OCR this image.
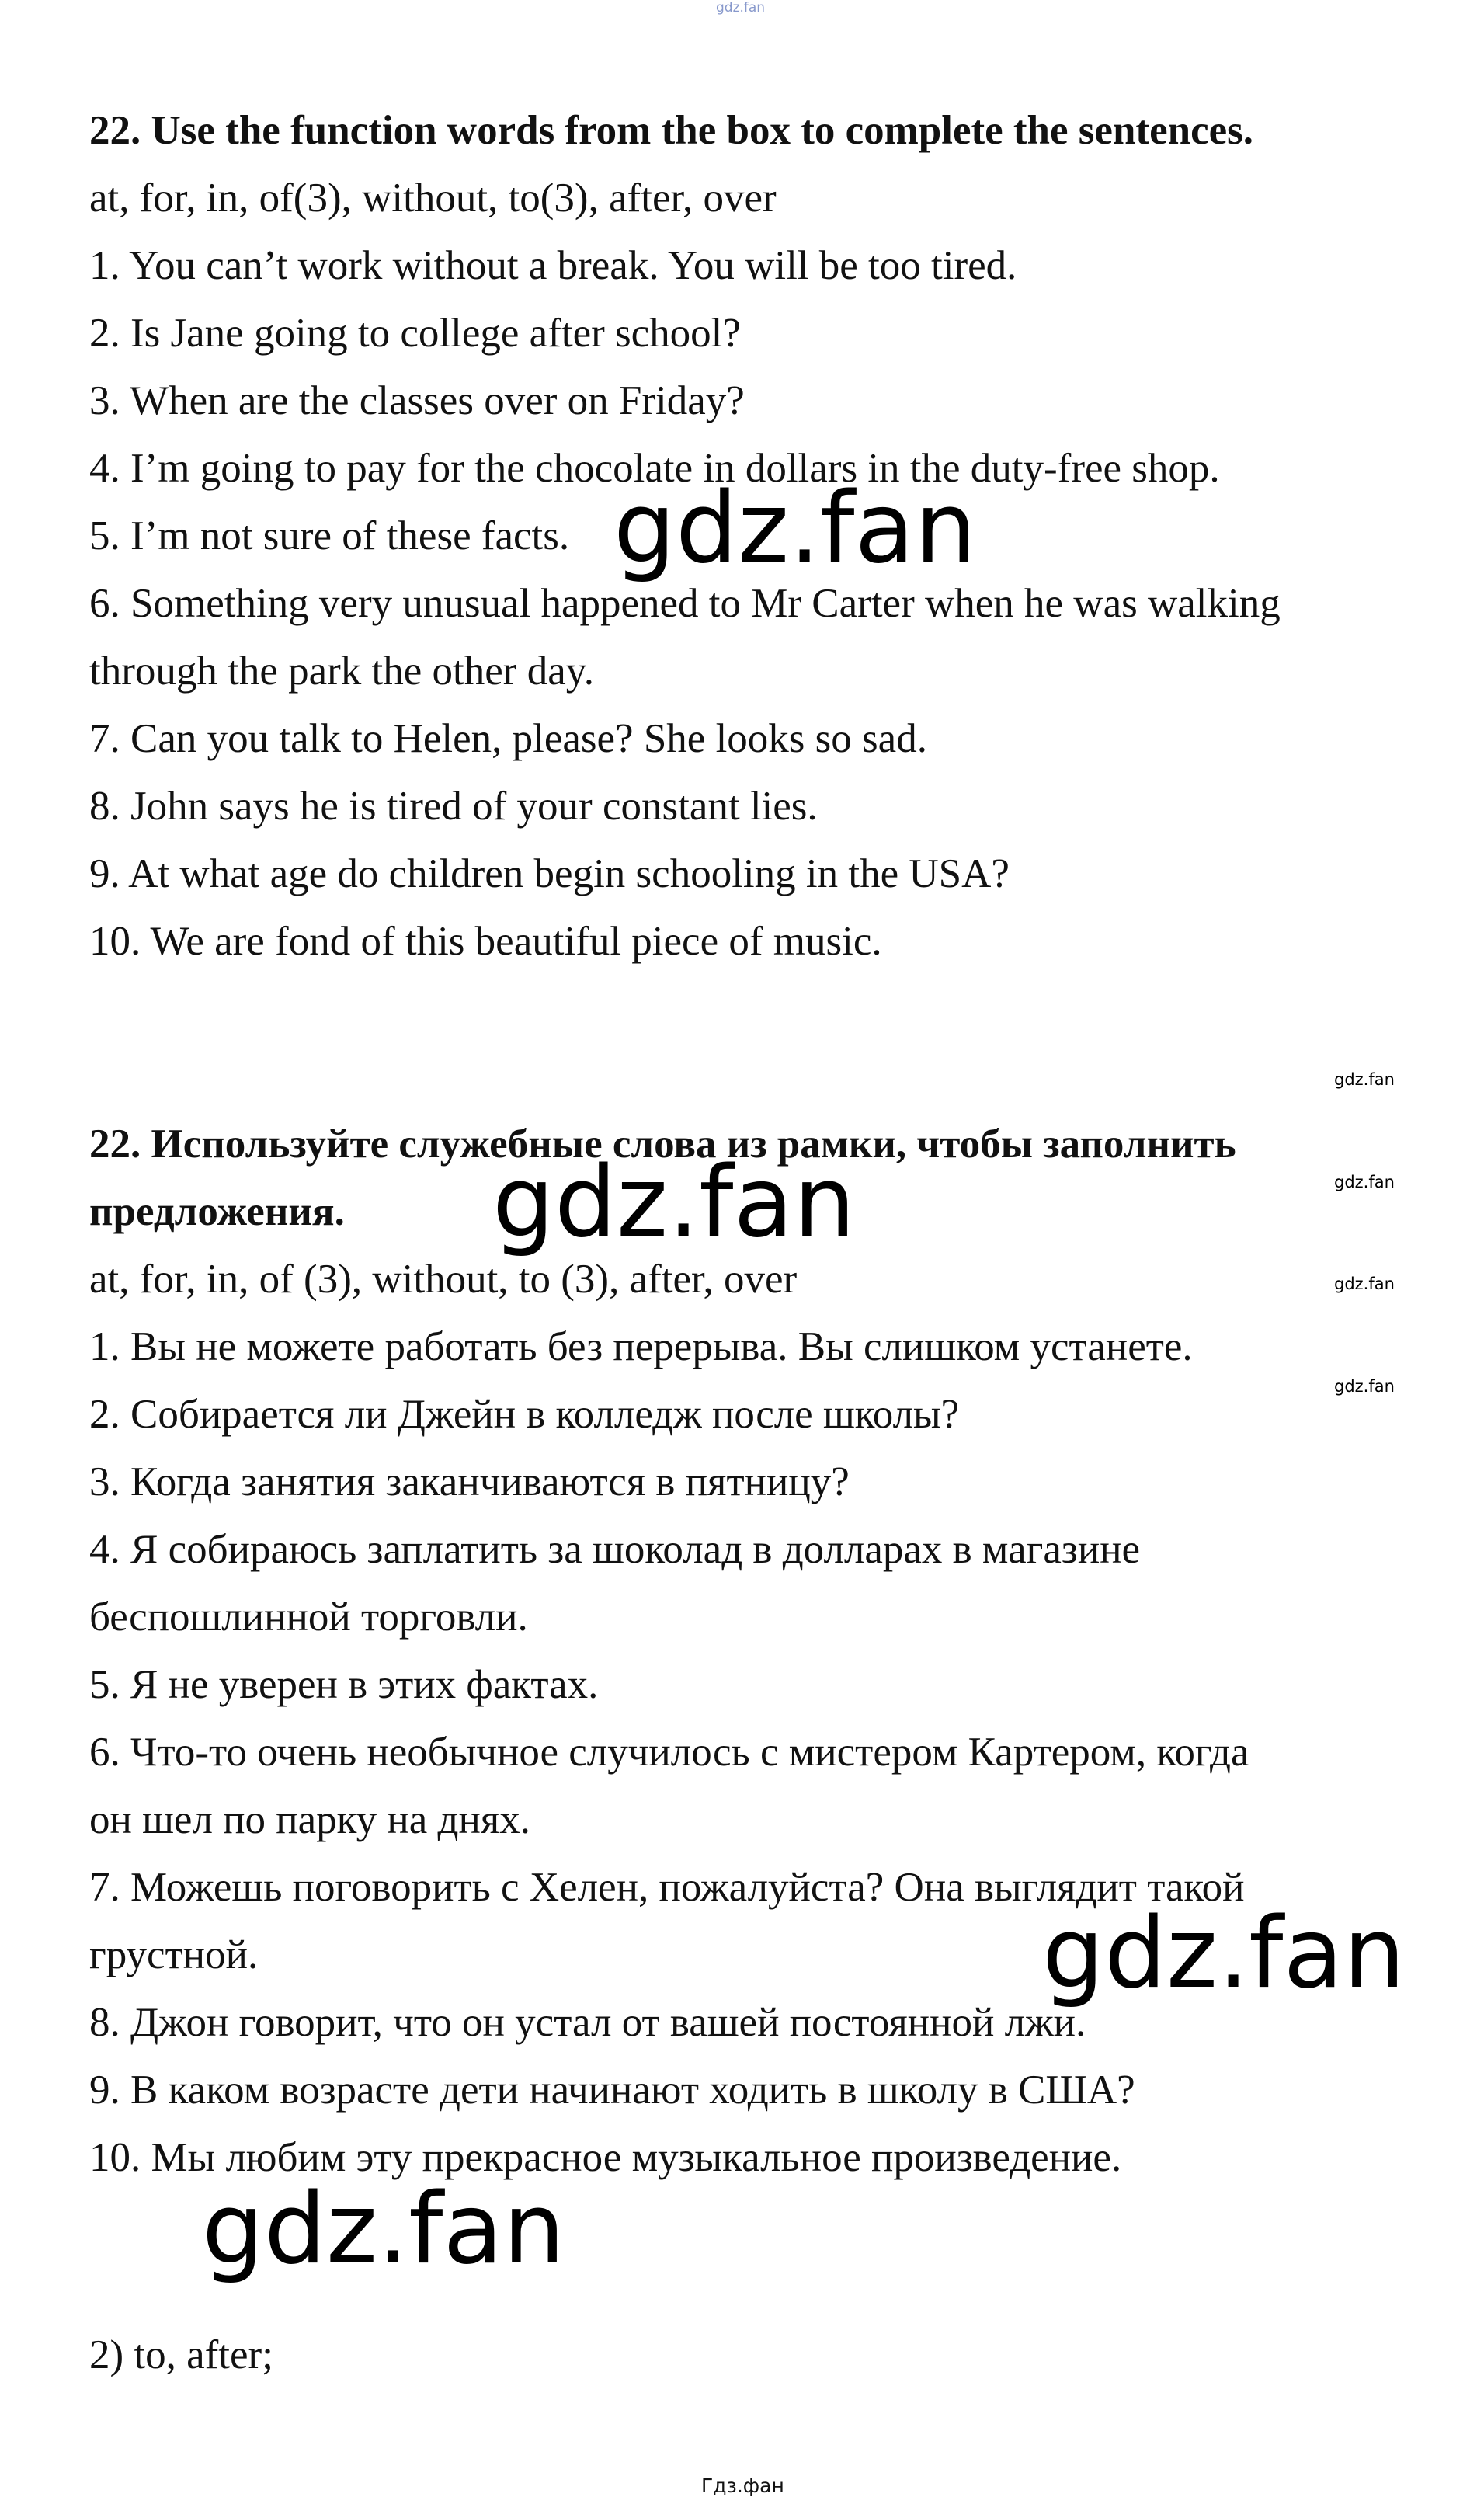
gdz.fan
22. Use the function words from the box to complete the sentences.
at, for, in, of(3), without, to(3), after, over
1. You can’t work without a break. You will be too tired.
2. Is Jane going to college after school?
3. When are the classes over on Friday?
4. I’m going to pay for the chocolate in dollars in the duty-free shop.
5. I’m not sure of these facts.
6. Something very unusual happened to Mr Carter when he was walking
through the park the other day.
7. Can you talk to Helen, please? She looks so sad.
8. John says he is tired of your constant lies.
9. At what age do children begin schooling in the USA?
10. We are fond of this beautiful piece of music.
22. Используйте служебные слова из рамки, чтобы заполнить
предложения.
at, for, in, of (3), without, to (3), after, over
1. Вы не можете работать без перерыва. Вы слишком устанете.
2. Собирается ли Джейн в колледж после школы?
3. Когда занятия заканчиваются в пятницу?
4. Я собираюсь заплатить за шоколад в долларах в магазине
беспошлинной торговли.
5. Я не уверен в этих фактах.
6. Что-то очень необычное случилось с мистером Картером, когда
он шел по парку на днях.
7. Можешь поговорить с Хелен, пожалуйста? Она выглядит такой
грустной.
8. Джон говорит, что он устал от вашей постоянной лжи.
9. В каком возрасте дети начинают ходить в школу в США?
10. Мы любим эту прекрасное музыкальное произведение.
2) to, after;
gdz.fan
gdz.fan
gdz.fan
gdz.fan
gdz.fan
gdz.fan
gdz.fan
gdz.fan
Гдз.фан
